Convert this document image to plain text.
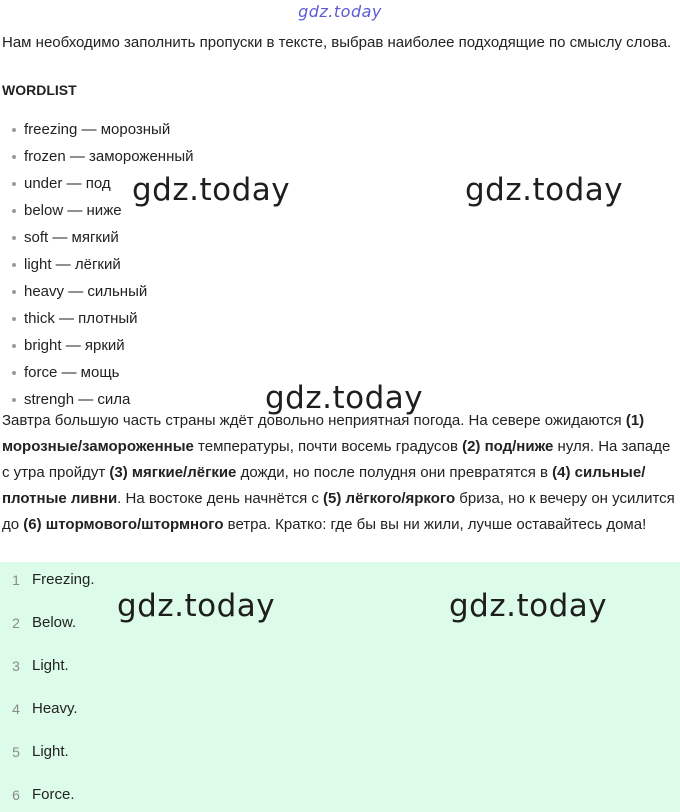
gdz.today
Нам необходимо заполнить пропуски в тексте, выбрав наиболее подходящие по смыслу слова.
WORDLIST
freezing — морозный
frozen — замороженный
under — под
below — ниже
soft — мягкий
light — лёгкий
heavy — сильный
thick — плотный
bright — яркий
force — мощь
strengh — сила
Завтра большую часть страны ждёт довольно неприятная погода. На севере ожидаются (1) морозные/замороженные температуры, почти восемь градусов (2) под/ниже нуля. На западе с утра пройдут (3) мягкие/лёгкие дожди, но после полудня они превратятся в (4) сильные/плотные ливни. На востоке день начнётся с (5) лёгкого/яркого бриза, но к вечеру он усилится до (6) штормового/штормного ветра. Кратко: где бы вы ни жили, лучше оставайтесь дома!
1 Freezing.
2 Below.
3 Light.
4 Heavy.
5 Light.
6 Force.
gdz.today	gdz.today
gdz.today
gdz.today	gdz.today
